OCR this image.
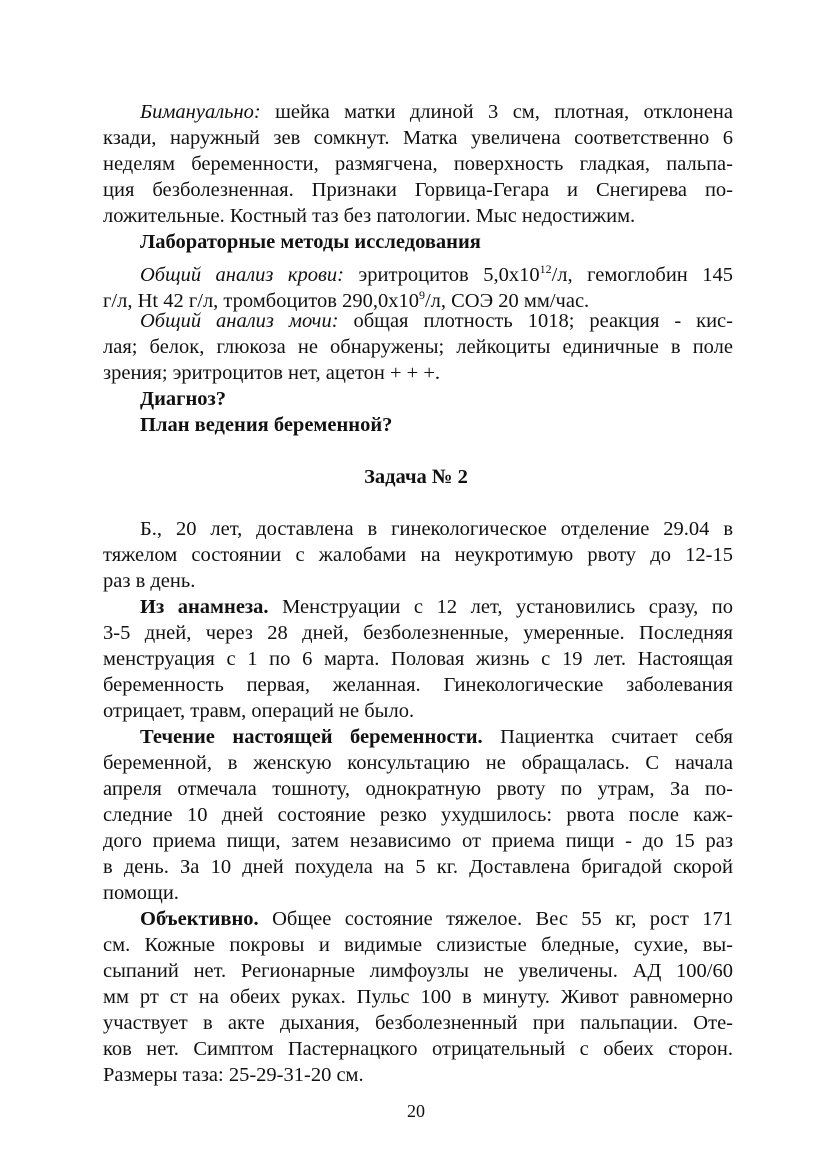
Бимануально: шейка матки длиной 3 см, плотная, отклонена
кзади, наружный зев сомкнут. Матка увеличена соответственно 6
неделям беременности, размягчена, поверхность гладкая, пальпа-
ция безболезненная. Признаки Горвица-Гегара и Снегирева по-
ложительные. Костный таз без патологии. Мыс недостижим.
Лабораторные методы исследования
Общий анализ крови: эритроцитов $5,0х10^{12}/л$, гемоглобин 145
г/л, Ht 42 г/л, тромбоцитов $290,0х10^9/л$, СОЭ 20 мм/час.
Общий анализ мочи: общая плотность 1018; реакция - кис-
лая; белок, глюкоза не обнаружены; лейкоциты единичные в поле
зрения; эритроцитов нет, ацетон + + +.
Диагноз?
План ведения беременной?
Задача № 2
Б., 20 лет, доставлена в гинекологическое отделение 29.04 в
тяжелом состоянии с жалобами на неукротимую рвоту до 12-15
раз в день.
Из анамнеза. Менструации с 12 лет, установились сразу, по
3-5 дней, через 28 дней, безболезненные, умеренные. Последняя
менструация с 1 по 6 марта. Половая жизнь с 19 лет. Настоящая
беременность первая, желанная. Гинекологические заболевания
отрицает, травм, операций не было.
Течение настоящей беременности. Пациентка считает себя
беременной, в женскую консультацию не обращалась. С начала
апреля отмечала тошноту, однократную рвоту по утрам, За по-
следние 10 дней состояние резко ухудшилось: рвота после каж-
дого приема пищи, затем независимо от приема пищи - до 15 раз
в день. За 10 дней похудела на 5 кг. Доставлена бригадой скорой
помощи.
Объективно. Общее состояние тяжелое. Вес 55 кг, рост 171
см. Кожные покровы и видимые слизистые бледные, сухие, вы-
сыпаний нет. Регионарные лимфоузлы не увеличены. АД 100/60
мм рт ст на обеих руках. Пульс 100 в минуту. Живот равномерно
участвует в акте дыхания, безболезненный при пальпации. Оте-
ков нет. Симптом Пастернацкого отрицательный с обеих сторон.
Размеры таза: 25-29-31-20 см.
20
